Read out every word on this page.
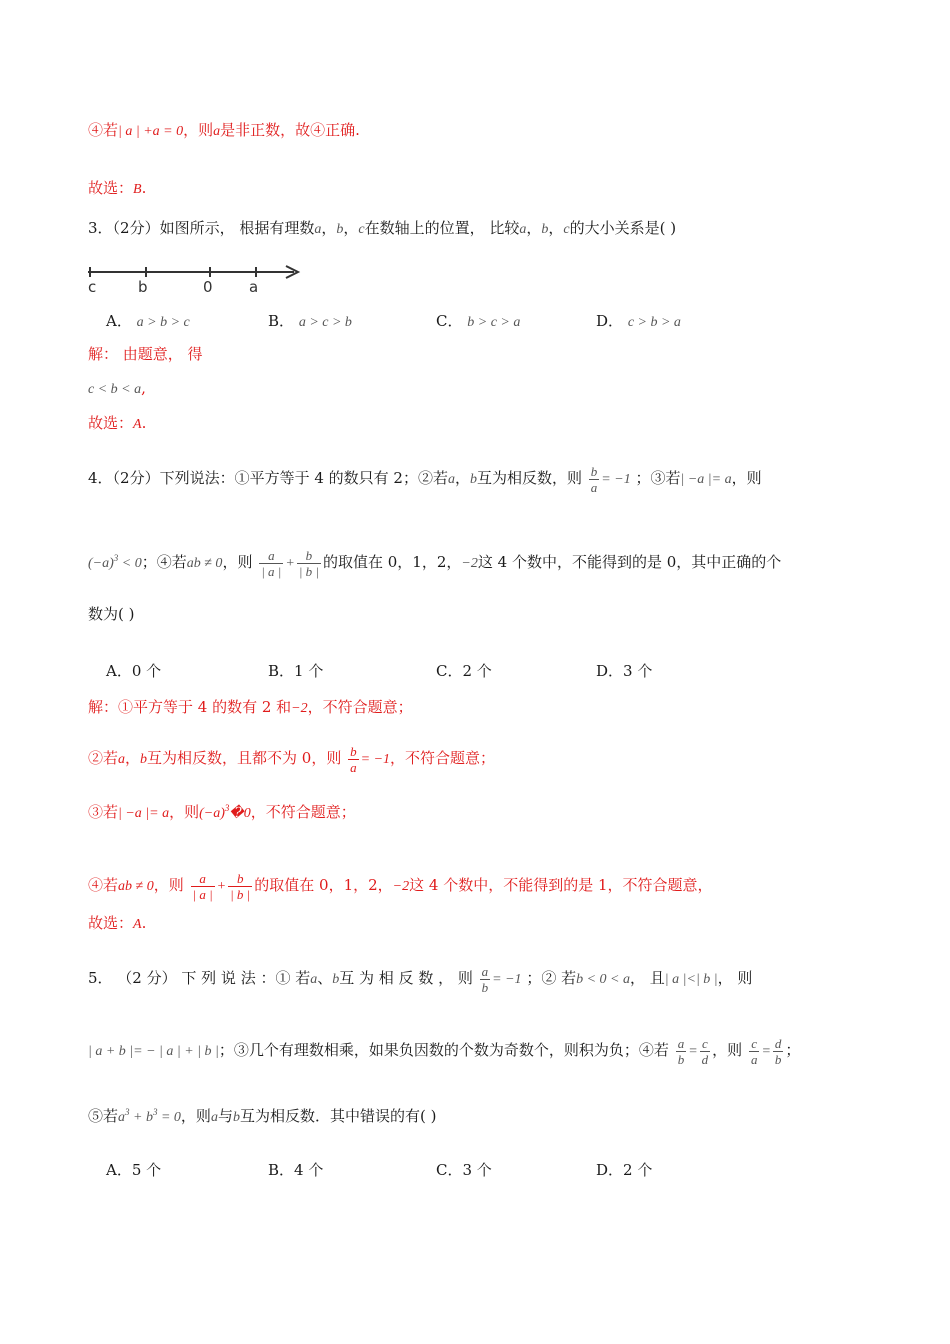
④若| a | +a = 0，则a是非正数，故④正确.
故选：B.
3．（2分）如图所示， 根据有理数a，b，c在数轴上的位置， 比较a，b，c的大小关系是( )
c	b	0 a
A． a > b > c	B． a > c > b	C． b > c > a	D． c > b > a
解： 由题意， 得
c < b < a,
故选：A.
4．（2分）下列说法：①平方等于 4 的数只有 2；②若a，b互为相反数，则 $\frac{b}{a} = -1$ ；③若| −a |= a，则
$(-a)^3 < 0$；④若ab ≠ 0，则 $\frac{a}{| a |} + \frac{b}{| b |}$ 的取值在 0，1，2，−2这 4 个数中，不能得到的是 0，其中正确的个
数为( )
A．0 个	B．1 个	C．2 个	D．3 个
解：①平方等于 4 的数有 2 和−2，不符合题意；
②若a，b互为相反数，且都不为 0，则 $\frac{b}{a} = -1$，不符合题意；
③若| −a |= a，则$(-a)^3�0$，不符合题意；
④若ab ≠ 0，则 $\frac{a}{| a |} + \frac{b}{| b |}$ 的取值在 0，1，2，−2这 4 个数中，不能得到的是 1，不符合题意，
故选：A.
5． （2 分） 下 列 说 法 ：① 若a、b互 为 相 反 数 ， 则 $\frac{a}{b} = -1$ ；② 若b < 0 < a， 且| a |<| b |， 则
| a + b |= − | a | + | b |；③几个有理数相乘，如果负因数的个数为奇数个，则积为负；④若 $\frac{a}{b} = \frac{c}{d}$ ，则 $\frac{c}{a} = \frac{d}{b}$ ；
⑤若$a^3 + b^3 = 0$，则a与b互为相反数．其中错误的有( )
A．5 个	B．4 个	C．3 个	D．2 个
